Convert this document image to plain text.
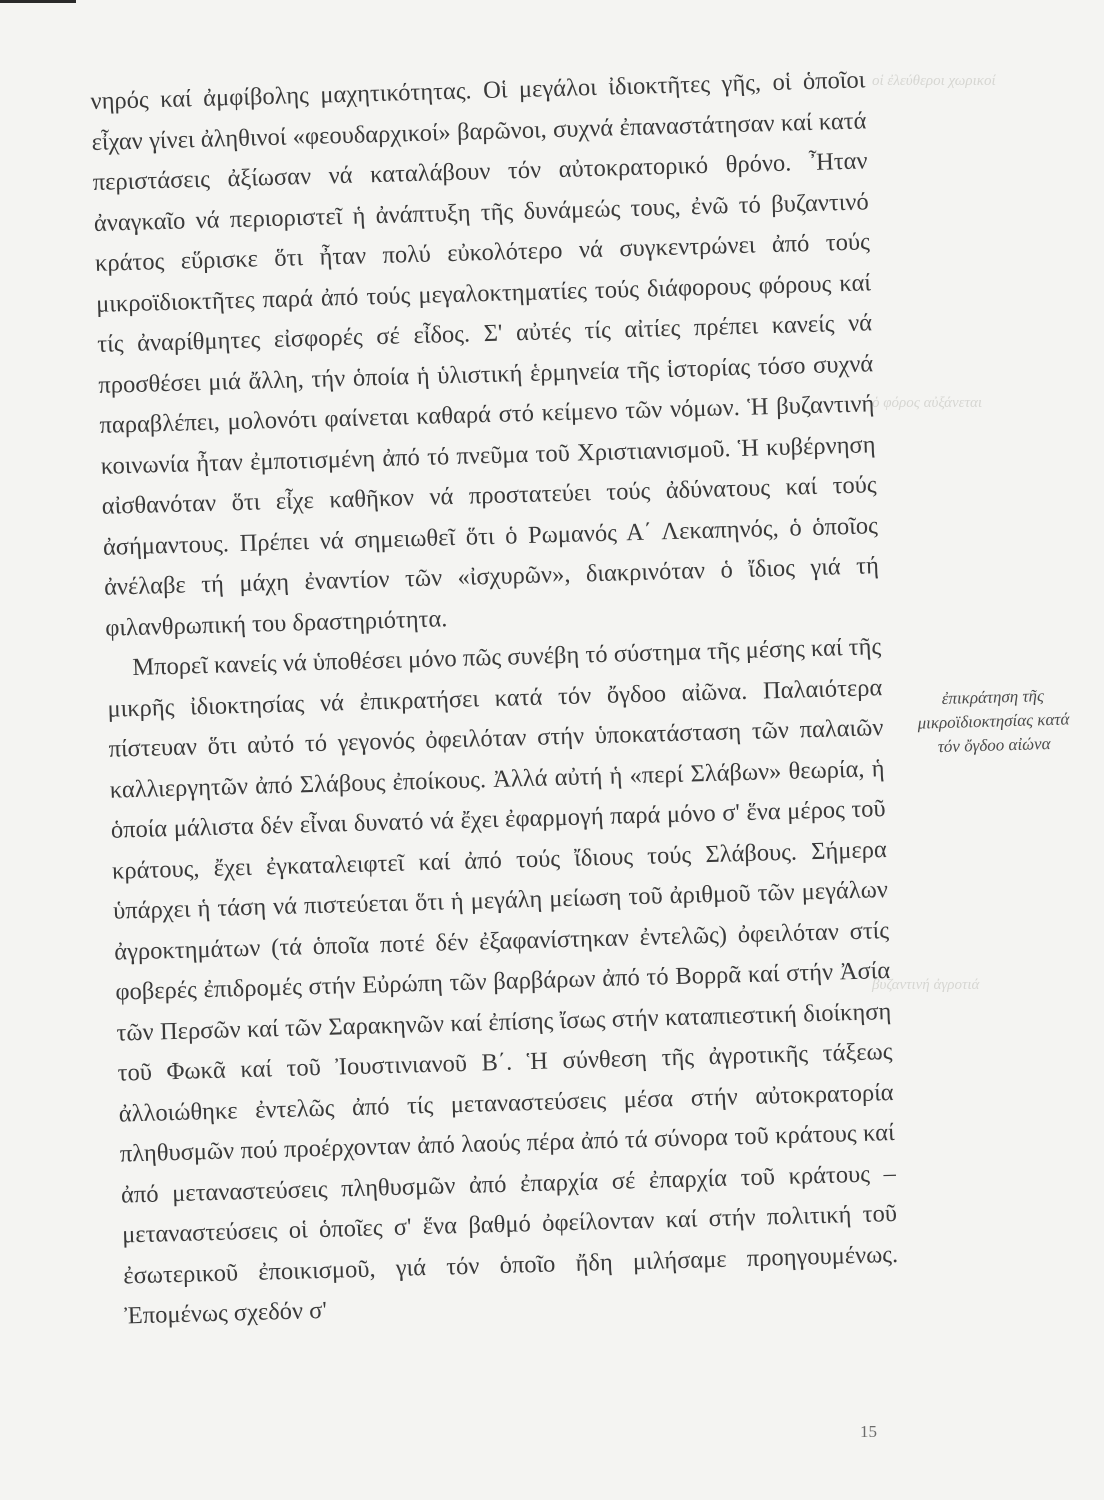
οἱ ἐλεύθεροι χωρικοί

ὁ φόρος αὐξάνεται

βυζαντινή ἀγροτιά

νηρός καί ἀμφίβολης μαχητικότητας. Οἱ μεγάλοι ἰδιοκτῆτες γῆς, οἱ ὁποῖοι εἶχαν γίνει ἀληθινοί «φεουδαρχικοί» βαρῶνοι, συχνά ἐπαναστάτησαν καί κατά περιστάσεις ἀξίωσαν νά καταλάβουν τόν αὐτοκρατορικό θρόνο. Ἦταν ἀναγκαῖο νά περιοριστεῖ ἡ ἀνάπτυξη τῆς δυνάμεώς τους, ἐνῶ τό βυζαντινό κράτος εὕρισκε ὅτι ἦταν πολύ εὐκολότερο νά συγκεντρώνει ἀπό τούς μικροϊδιοκτῆτες παρά ἀπό τούς μεγαλοκτηματίες τούς διάφορους φόρους καί τίς ἀναρίθμητες εἰσφορές σέ εἶδος. Σ' αὐτές τίς αἰτίες πρέπει κανείς νά προσθέσει μιά ἄλλη, τήν ὁποία ἡ ὑλιστική ἑρμηνεία τῆς ἱστορίας τόσο συχνά παραβλέπει, μολονότι φαίνεται καθαρά στό κείμενο τῶν νόμων. Ἡ βυζαντινή κοινωνία ἦταν ἐμποτισμένη ἀπό τό πνεῦμα τοῦ Χριστιανισμοῦ. Ἡ κυβέρνηση αἰσθανόταν ὅτι εἶχε καθῆκον νά προστατεύει τούς ἀδύνατους καί τούς ἀσήμαντους. Πρέπει νά σημειωθεῖ ὅτι ὁ Ρωμανός Α΄ Λεκαπηνός, ὁ ὁποῖος ἀνέλαβε τή μάχη ἐναντίον τῶν «ἰσχυρῶν», διακρινόταν ὁ ἴδιος γιά τή φιλανθρωπική του δραστηριότητα.

Μπορεῖ κανείς νά ὑποθέσει μόνο πῶς συνέβη τό σύστημα τῆς μέσης καί τῆς μικρῆς ἰδιοκτησίας νά ἐπικρατήσει κατά τόν ὄγδοο αἰῶνα. Παλαιότερα πίστευαν ὅτι αὐτό τό γεγονός ὀφειλόταν στήν ὑποκατάσταση τῶν παλαιῶν καλλιεργητῶν ἀπό Σλάβους ἐποίκους. Ἀλλά αὐτή ἡ «περί Σλάβων» θεωρία, ἡ ὁποία μάλιστα δέν εἶναι δυνατό νά ἔχει ἐφαρμογή παρά μόνο σ' ἕνα μέρος τοῦ κράτους, ἔχει ἐγκαταλειφτεῖ καί ἀπό τούς ἴδιους τούς Σλάβους. Σήμερα ὑπάρχει ἡ τάση νά πιστεύεται ὅτι ἡ μεγάλη μείωση τοῦ ἀριθμοῦ τῶν μεγάλων ἀγροκτημάτων (τά ὁποῖα ποτέ δέν ἐξαφανίστηκαν ἐντελῶς) ὀφειλόταν στίς φοβερές ἐπιδρομές στήν Εὐρώπη τῶν βαρβάρων ἀπό τό Βορρᾶ καί στήν Ἀσία τῶν Περσῶν καί τῶν Σαρακηνῶν καί ἐπίσης ἴσως στήν καταπιεστική διοίκηση τοῦ Φωκᾶ καί τοῦ Ἰουστινιανοῦ Β΄. Ἡ σύνθεση τῆς ἀγροτικῆς τάξεως ἀλλοιώθηκε ἐντελῶς ἀπό τίς μεταναστεύσεις μέσα στήν αὐτοκρατορία πληθυσμῶν πού προέρχονταν ἀπό λαούς πέρα ἀπό τά σύνορα τοῦ κράτους καί ἀπό μεταναστεύσεις πληθυσμῶν ἀπό ἐπαρχία σέ ἐπαρχία τοῦ κράτους – μεταναστεύσεις οἱ ὁποῖες σ' ἕνα βαθμό ὀφείλονταν καί στήν πολιτική τοῦ ἐσωτερικοῦ ἐποικισμοῦ, γιά τόν ὁποῖο ἤδη μιλήσαμε προηγουμένως. Ἐπομένως σχεδόν σ'

ἐπικράτηση τῆς μικροϊδιοκτησίας κατά τόν ὄγδοο αἰώνα
15
